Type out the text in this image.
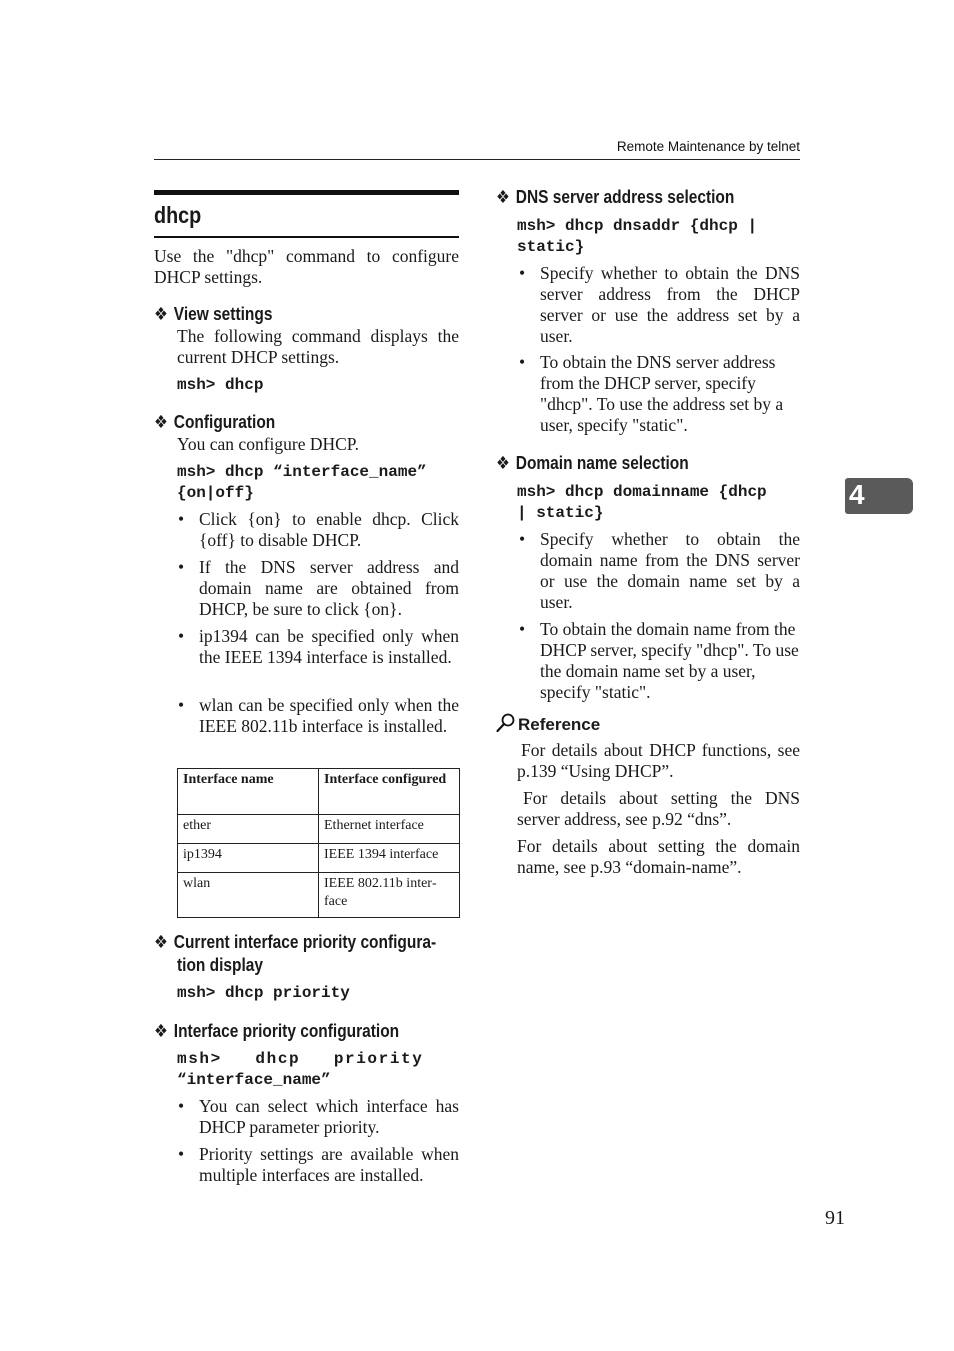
Remote Maintenance by telnet
dhcp

Use the "dhcp" command to configure DHCP settings.

❖ View settings

The following command displays the current DHCP settings.

msh> dhcp
❖ Configuration

You can configure DHCP.

msh> dhcp “interface_name”
{on|off}
• Click {on} to enable dhcp. Click {off} to disable DHCP.

• If the DNS server address and domain name are obtained from DHCP, be sure to click {on}.

• ip1394 can be specified only when the IEEE 1394 interface is installed.

• wlan can be specified only when the IEEE 802.11b interface is installed.

Interface name	Interface configured
ether	Ethernet interface
ip1394	IEEE 1394 interface
wlan	IEEE 802.11b interface
❖ Current interface priority configura-
tion display
msh> dhcp priority
❖ Interface priority configuration
msh>   dhcp   priority
“interface_name”
• You can select which interface has DHCP parameter priority.

• Priority settings are available when multiple interfaces are installed.

❖ DNS server address selection
msh> dhcp dnsaddr {dhcp |
static}
• Specify whether to obtain the DNS server address from the DHCP server or use the address set by a user.

• To obtain the DNS server address from the DHCP server, specify "dhcp". To use the address set by a user, specify "static".

❖ Domain name selection
msh> dhcp domainname {dhcp
| static}
• Specify whether to obtain the domain name from the DNS server or use the domain name set by a user.

• To obtain the domain name from the DHCP server, specify "dhcp". To use the domain name set by a user, specify "static".

Reference

For details about DHCP functions, see p.139 “Using DHCP”.

For details about setting the DNS server address, see p.92 “dns”.

For details about setting the domain name, see p.93 “domain-name”.

4
91
